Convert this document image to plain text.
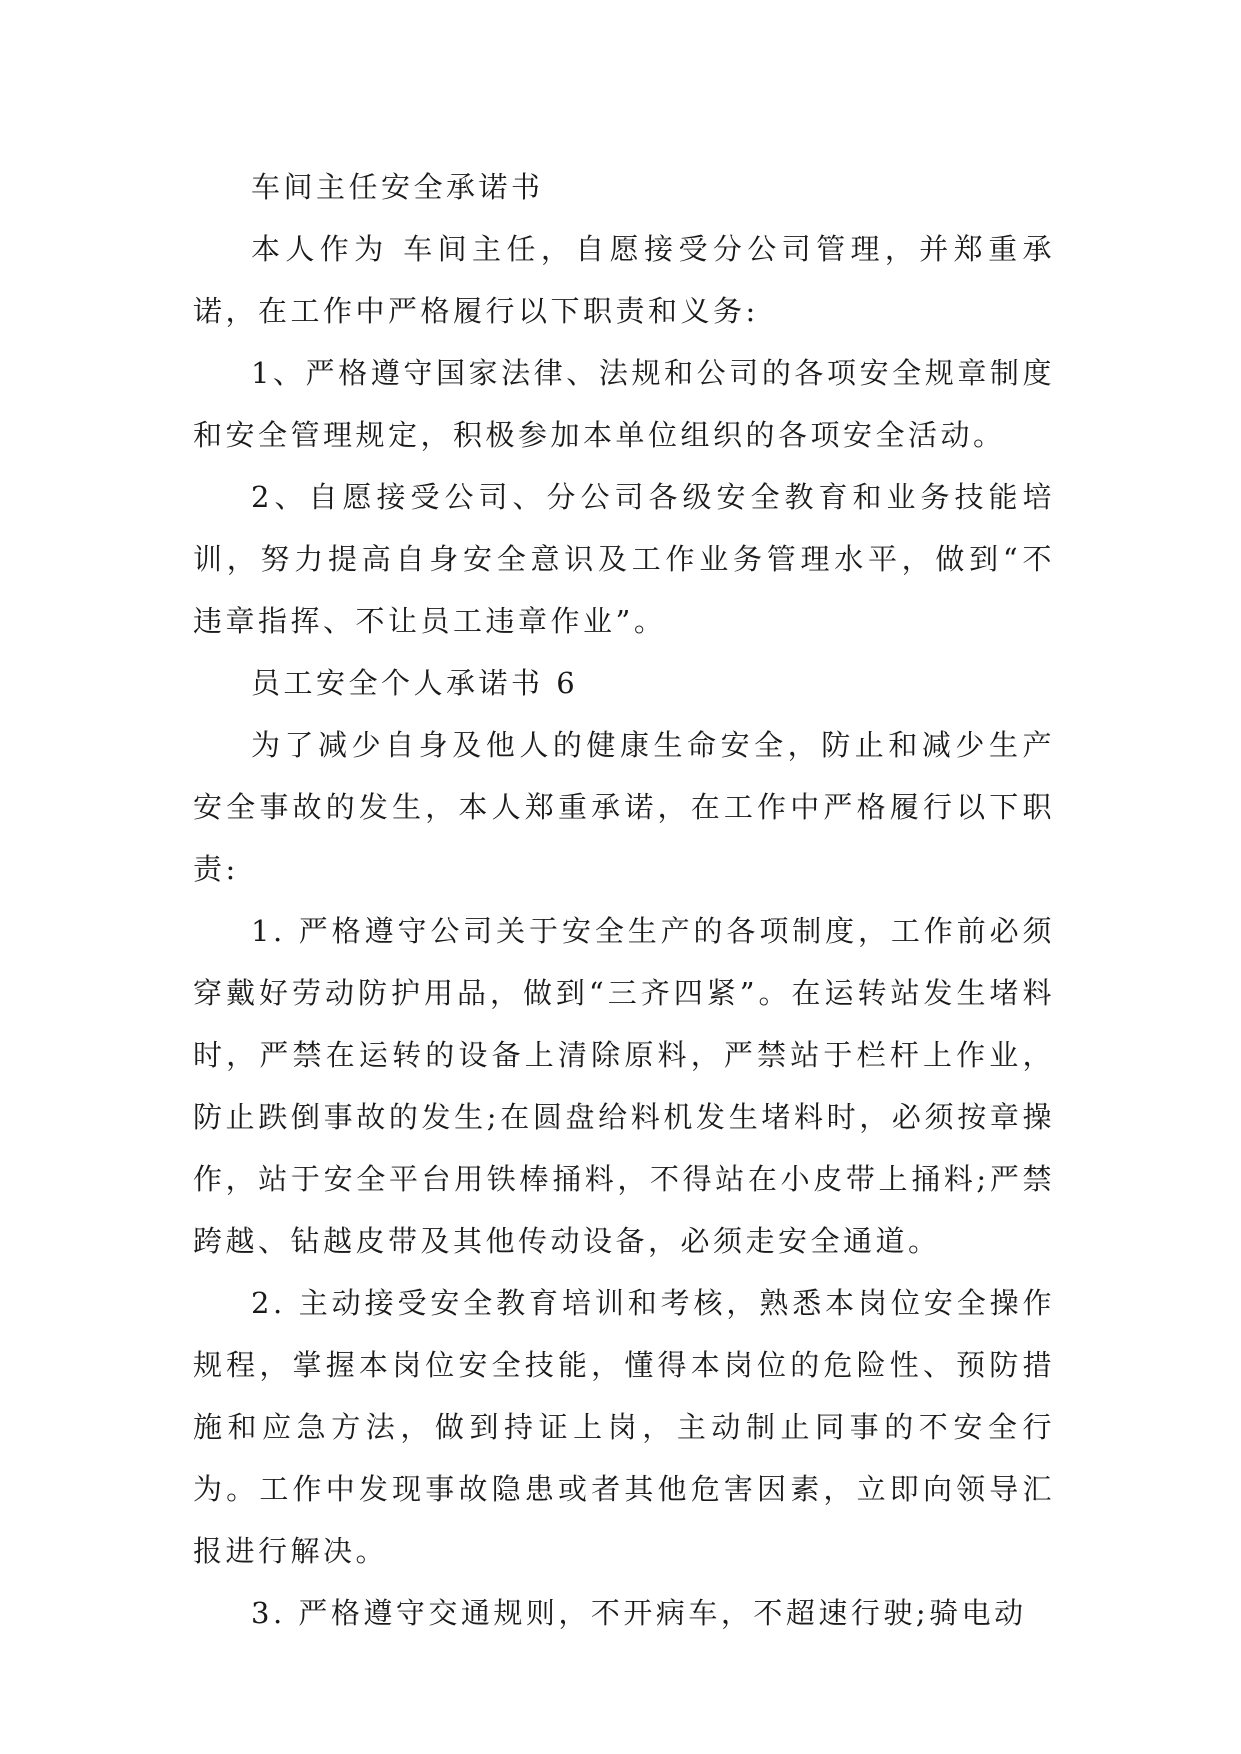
车间主任安全承诺书

本人作为 车间主任，自愿接受分公司管理，并郑重承诺，在工作中严格履行以下职责和义务:

1、严格遵守国家法律、法规和公司的各项安全规章制度和安全管理规定，积极参加本单位组织的各项安全活动。

2、自愿接受公司、分公司各级安全教育和业务技能培训，努力提高自身安全意识及工作业务管理水平，做到“不违章指挥、不让员工违章作业”。

员工安全个人承诺书 6

为了减少自身及他人的健康生命安全，防止和减少生产安全事故的发生，本人郑重承诺，在工作中严格履行以下职责:

1. 严格遵守公司关于安全生产的各项制度，工作前必须穿戴好劳动防护用品，做到“三齐四紧”。在运转站发生堵料时，严禁在运转的设备上清除原料，严禁站于栏杆上作业，防止跌倒事故的发生;在圆盘给料机发生堵料时，必须按章操作，站于安全平台用铁棒捅料，不得站在小皮带上捅料;严禁跨越、钻越皮带及其他传动设备，必须走安全通道。

2. 主动接受安全教育培训和考核，熟悉本岗位安全操作规程，掌握本岗位安全技能，懂得本岗位的危险性、预防措施和应急方法，做到持证上岗，主动制止同事的不安全行为。工作中发现事故隐患或者其他危害因素，立即向领导汇报进行解决。

3. 严格遵守交通规则，不开病车，不超速行驶;骑电动
